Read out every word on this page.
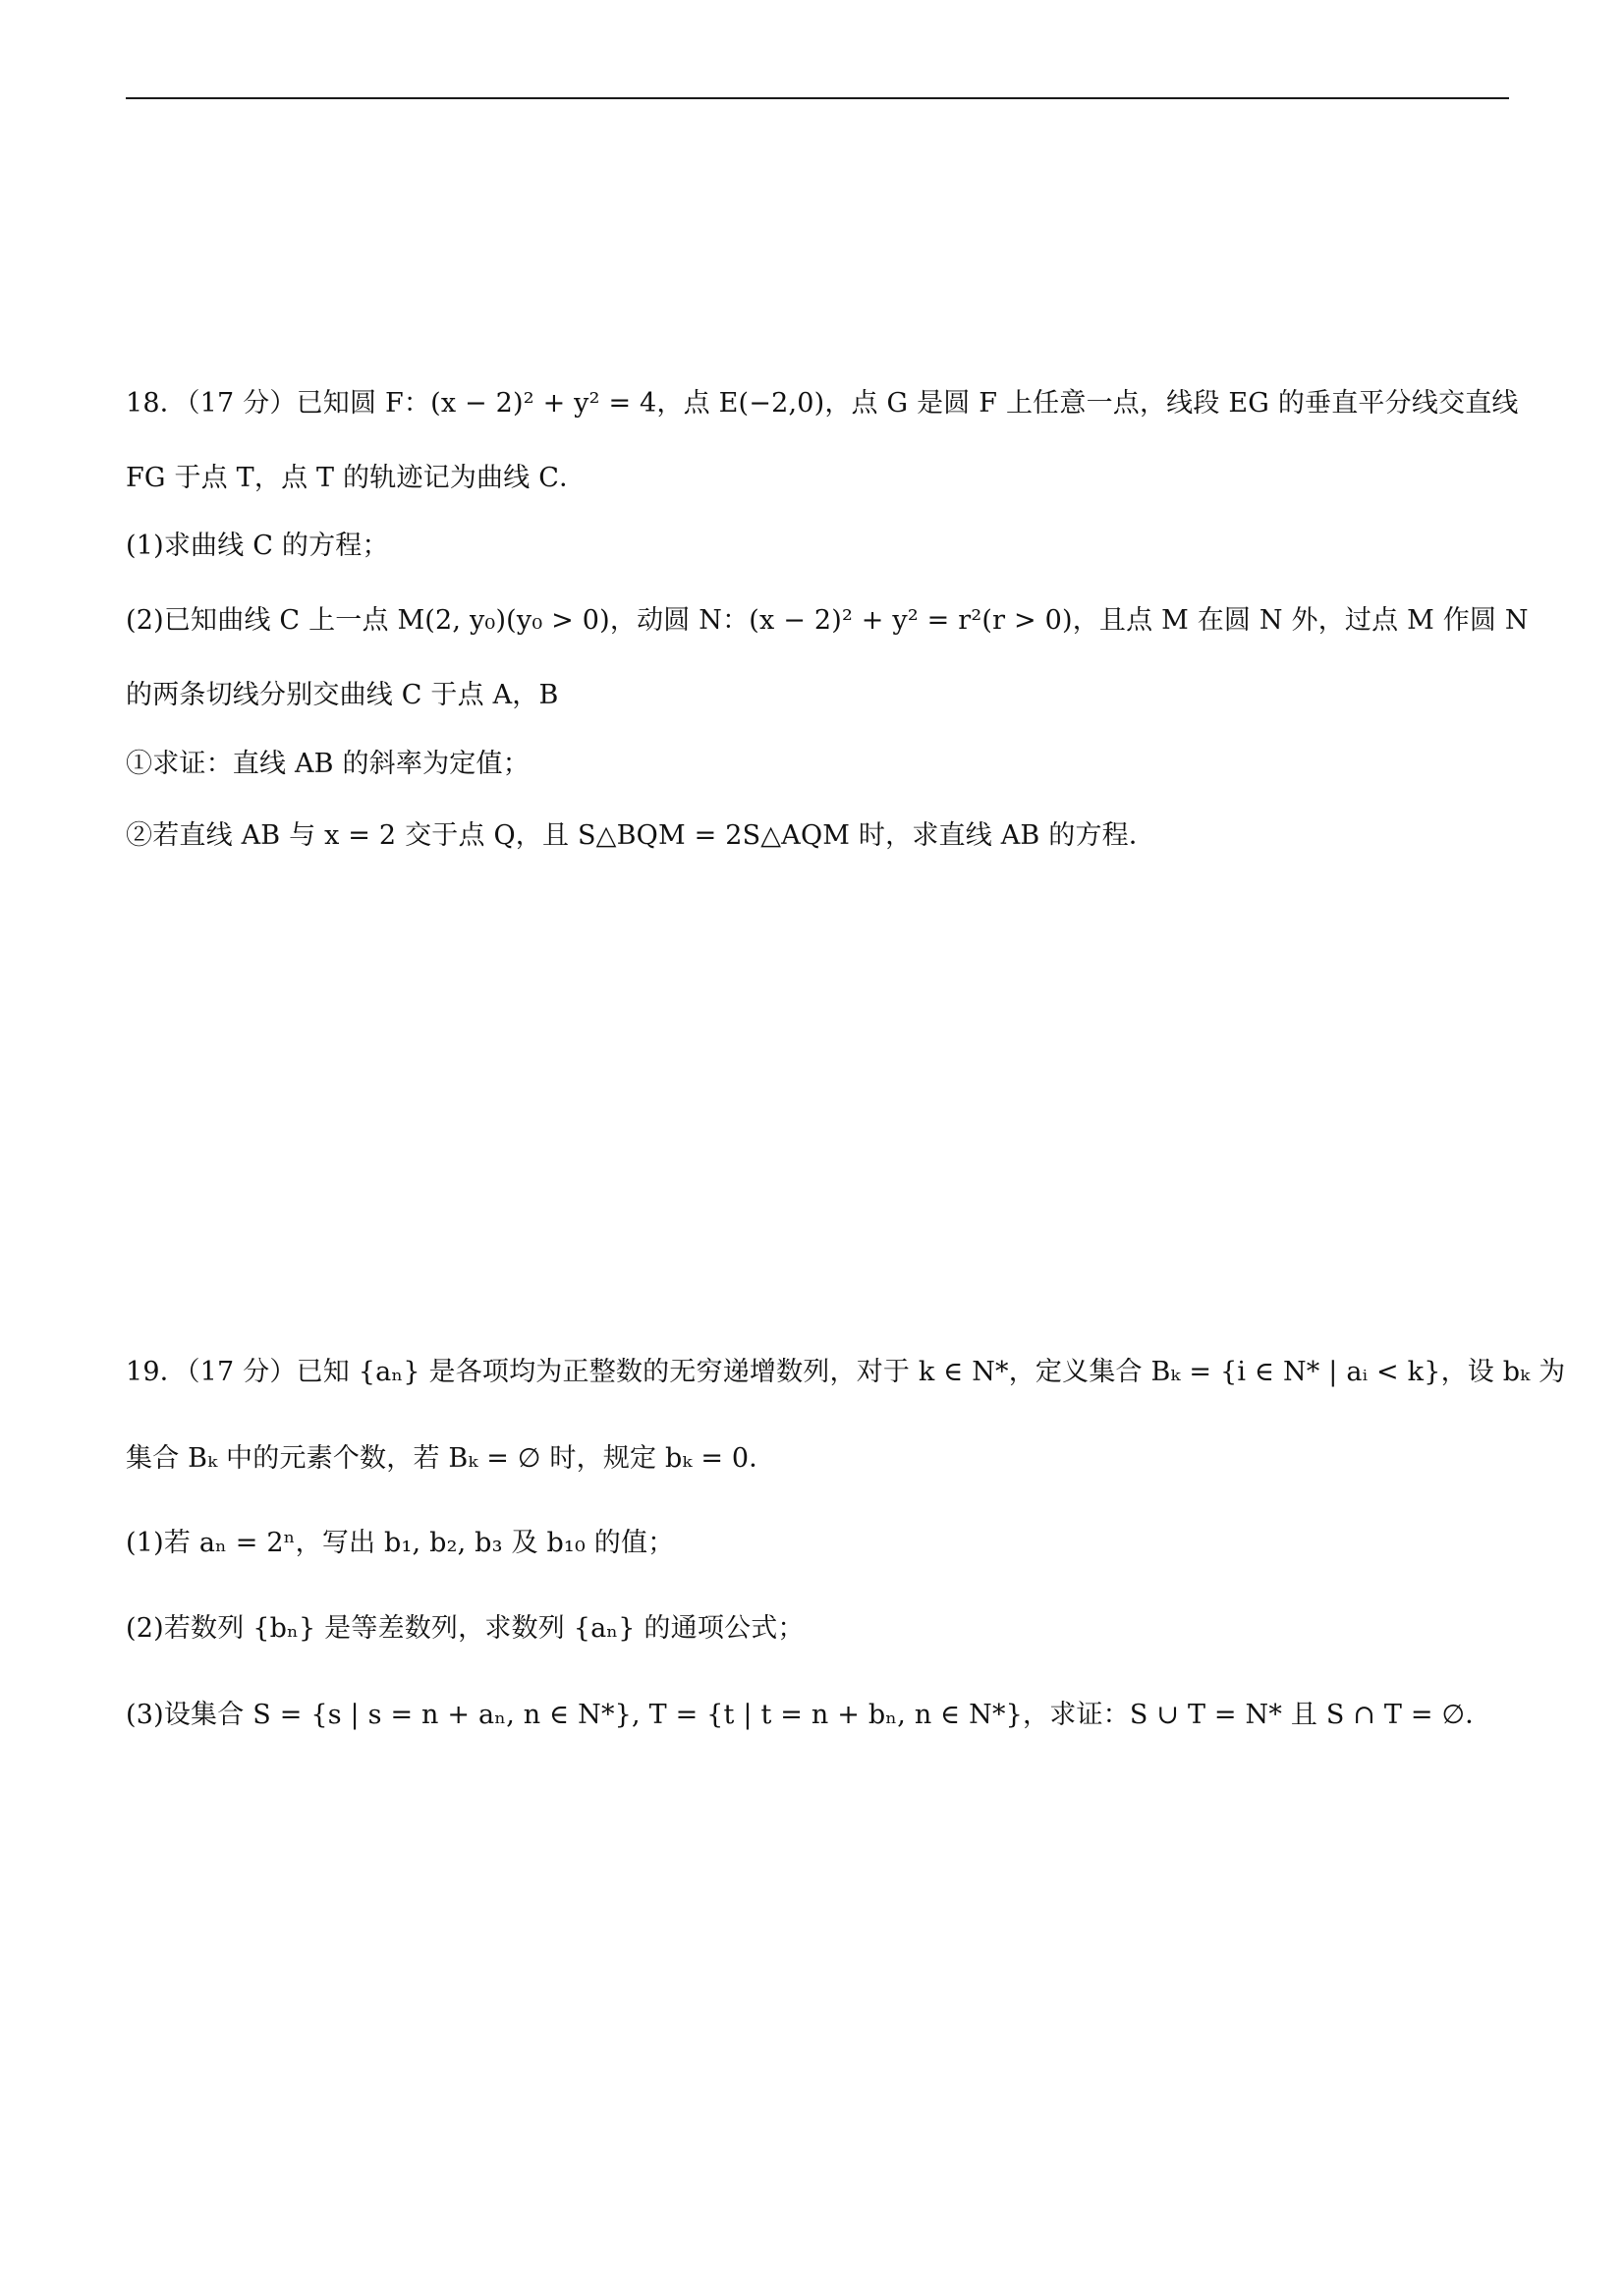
18．（17 分）已知圆 F：(x − 2)² + y² = 4，点 E(−2,0)，点 G 是圆 F 上任意一点，线段 EG 的垂直平分线交直线
FG 于点 T，点 T 的轨迹记为曲线 C．
(1)求曲线 C 的方程；
(2)已知曲线 C 上一点 M(2, y₀)(y₀ > 0)，动圆 N：(x − 2)² + y² = r²(r > 0)，且点 M 在圆 N 外，过点 M 作圆 N
的两条切线分别交曲线 C 于点 A，B
①求证：直线 AB 的斜率为定值；
②若直线 AB 与 x = 2 交于点 Q，且 S△BQM = 2S△AQM 时，求直线 AB 的方程．
19．（17 分）已知 {aₙ} 是各项均为正整数的无穷递增数列，对于 k ∈ N*，定义集合 Bₖ = {i ∈ N* | aᵢ < k}，设 bₖ 为
集合 Bₖ 中的元素个数，若 Bₖ = ∅ 时，规定 bₖ = 0．
(1)若 aₙ = 2ⁿ，写出 b₁, b₂, b₃ 及 b₁₀ 的值；
(2)若数列 {bₙ} 是等差数列，求数列 {aₙ} 的通项公式；
(3)设集合 S = {s | s = n + aₙ, n ∈ N*}, T = {t | t = n + bₙ, n ∈ N*}，求证：S ∪ T = N* 且 S ∩ T = ∅．
